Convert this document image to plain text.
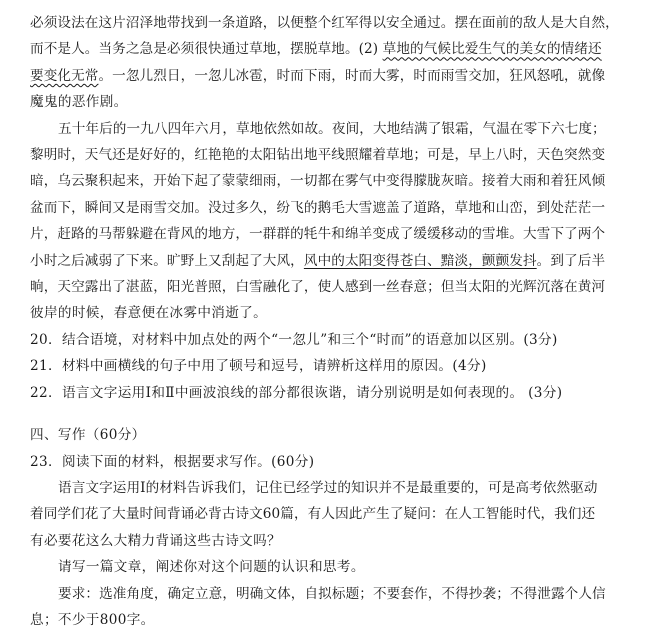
必须设法在这片沼泽地带找到一条道路，以便整个红军得以安全通过。摆在面前的敌人是大自然，
而不是人。当务之急是必须很快通过草地，摆脱草地。(2) 草地的气候比爱生气的美女的情绪还
要变化无常。一忽儿烈日，一忽儿冰雹，时而下雨，时而大雾，时而雨雪交加，狂风怒吼，就像
魔鬼的恶作剧。
五十年后的一九八四年六月，草地依然如故。夜间，大地结满了银霜，气温在零下六七度；
黎明时，天气还是好好的，红艳艳的太阳钻出地平线照耀着草地；可是，早上八时，天色突然变
暗，乌云聚积起来，开始下起了蒙蒙细雨，一切都在雾气中变得朦胧灰暗。接着大雨和着狂风倾
盆而下，瞬间又是雨雪交加。没过多久，纷飞的鹅毛大雪遮盖了道路，草地和山峦，到处茫茫一
片，赶路的马帮躲避在背风的地方，一群群的牦牛和绵羊变成了缓缓移动的雪堆。大雪下了两个
小时之后减弱了下来。旷野上又刮起了大风，风中的太阳变得苍白、黯淡，颤颤发抖。到了后半
晌，天空露出了湛蓝，阳光普照，白雪融化了，使人感到一丝春意；但当太阳的光辉沉落在黄河
彼岸的时候，春意便在冰雾中消逝了。
20．结合语境，对材料中加点处的两个“一忽儿”和三个“时而”的语意加以区别。(3分)
21．材料中画横线的句子中用了顿号和逗号，请辨析这样用的原因。(4分)
22．语言文字运用Ⅰ和Ⅱ中画波浪线的部分都很诙谐，请分别说明是如何表现的。 (3分)
四、写作（60分）
23．阅读下面的材料，根据要求写作。(60分)
语言文字运用Ⅰ的材料告诉我们，记住已经学过的知识并不是最重要的，可是高考依然驱动
着同学们花了大量时间背诵必背古诗文60篇，有人因此产生了疑问：在人工智能时代，我们还
有必要花这么大精力背诵这些古诗文吗？
请写一篇文章，阐述你对这个问题的认识和思考。
要求：选准角度，确定立意，明确文体，自拟标题；不要套作，不得抄袭；不得泄露个人信
息；不少于800字。
